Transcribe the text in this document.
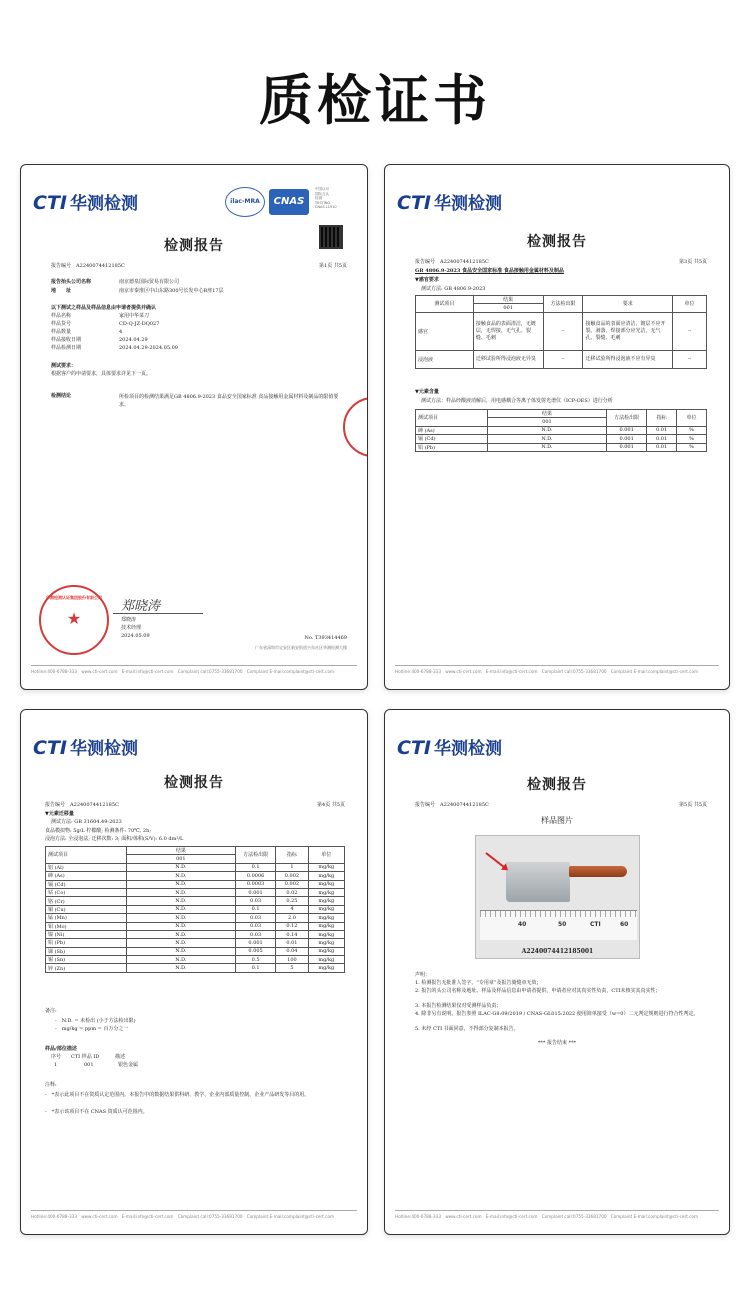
质检证书
CTI 华测检测	ilac-MRA	CNAS
中国认可
国际互认
检测
TESTING
CNAS L1910
检测报告
报告编号　 A2240074412185C	第1页 共5页
报告抬头公司名称	南京德泉国际贸易有限公司
地　　址	南京市秦淮区中山东路300号长发中心B座17层
以下测试之样品及样品信息由申请者提供并确认
样品名称	家用中华菜刀
样品货号	CD-Q-JZ-DQ027
样品数量	4
样品接收日期	2024.04.29
样品检测日期	2024.04.29-2024.05.09
测试要求：
根据客户的申请要求，具体要求详见下一页。
检测结论	所检项目的检测结果满足GB 4806.9-2023 食品安全国家标准 食品接触用金属材料及制品的限值要求。
华测检测认证集团股份有限公司
★
郑晓涛
郑晓涛
技术经理
2024.05.09	No. T393414469
广东省深圳市宝安区新安街道兴东社区华测检测大楼
Hotline:400-6788-333　 www.cti-cert.com　 E-mail:info@cti-cert.com　 Complaint call:0755-33681700　 Complaint E-mail:complaint@cti-cert.com
CTI 华测检测
检测报告
报告编号　 A2240074412185C	第3页 共5页
GB 4806.9-2023 食品安全国家标准 食品接触用金属材料及制品
▼感官要求
测试方法: GB 4806.9-2023
测试项目	结果	方法检出限	要求	单位
	001			
感官	接触食品的表面清洁，无镀层，无焊接，无气孔、裂缝、毛刺	--	接触食品的表面应清洁，镀层不应开裂、剥落，焊接部分应光洁，无气孔、裂缝、毛刺	--
浸泡液	迁移试验所得浸泡液无异臭	--	迁移试验所得浸泡液不应有异臭	--
▼元素含量
测试方法：样品经酸液消解后，用电感耦合等离子体发射光谱仪（ICP-OES）进行分析
测试项目	结果	方法检出限	指标	单位
	001			
砷 (As)	N.D.	0.001	0.01	%
镉 (Cd)	N.D.	0.001	0.01	%
铅 (Pb)	N.D.	0.001	0.01	%
Hotline:400-6788-333　 www.cti-cert.com　 E-mail:info@cti-cert.com　 Complaint call:0755-33681700　 Complaint E-mail:complaint@cti-cert.com
CTI 华测检测
检测报告
报告编号　 A2240074412185C	第4页 共5页
▼元素迁移量
测试方法: GB 31604.49-2023
食品模拟物: 5g/L 柠檬酸; 检测条件: 70℃, 2h;
浸泡方法: 全浸泡法; 迁移次数: 3; 面积/体积(S/V): 6.0 dm²/L
测试项目	结果	方法检出限	指标	单位
	001			
铝 (Al)	N.D.	0.1	1	mg/kg
砷 (As)	N.D.	0.0006	0.002	mg/kg
镉 (Cd)	N.D.	0.0003	0.002	mg/kg
钴 (Co)	N.D.	0.001	0.02	mg/kg
铬 (Cr)	N.D.	0.03	0.25	mg/kg
铜 (Cu)	N.D.	0.1	4	mg/kg
锰 (Mn)	N.D.	0.03	2.0	mg/kg
钼 (Mo)	N.D.	0.03	0.12	mg/kg
镍 (Ni)	N.D.	0.03	0.14	mg/kg
铅 (Pb)	N.D.	0.001	0.01	mg/kg
锑 (Sb)	N.D.	0.005	0.04	mg/kg
锡 (Sn)	N.D.	0.5	100	mg/kg
锌 (Zn)	N.D.	0.1	5	mg/kg
备注:
-　N.D. = 未检出 (小于方法检出限)
-　mg/kg = ppm = 百万分之一
样品/部位描述
序号 CTI 样品 ID	描述
1	001	银色金属
注释:
-　*表示此项目不在资质认定范围内。本报告中的数据结果供科研、教学、企业内部质量控制、企业产品研发等目的用。
-　*表示该项目不在 CNAS 资质认可范围内。
Hotline:400-6788-333　 www.cti-cert.com　 E-mail:info@cti-cert.com　 Complaint call:0755-33681700　 Complaint E-mail:complaint@cti-cert.com
CTI 华测检测
检测报告
报告编号　 A2240074412185C	第5页 共5页
样品图片
40	50	CTI	60
A2240074412185001
声明：
1. 检测报告无批准人签字、“专用章”及报告骑缝章无效；
2. 报告的头公司名称及地址、样品及样品信息由申请者提供，申请者应对其真实性负责，CTI未核实其真实性；
3. 本报告检测结果仅对受测样品负责；
4. 除非另有说明，报告参照 ILAC-G8:09/2019 / CNAS-GL015:2022 使用简单接受（w=0）二元判定规则进行符合性判定。
5. 未经 CTI 书面同意，不得部分复制本报告。
*** 报告结束 ***
Hotline:400-6788-333　 www.cti-cert.com　 E-mail:info@cti-cert.com　 Complaint call:0755-33681700　 Complaint E-mail:complaint@cti-cert.com
